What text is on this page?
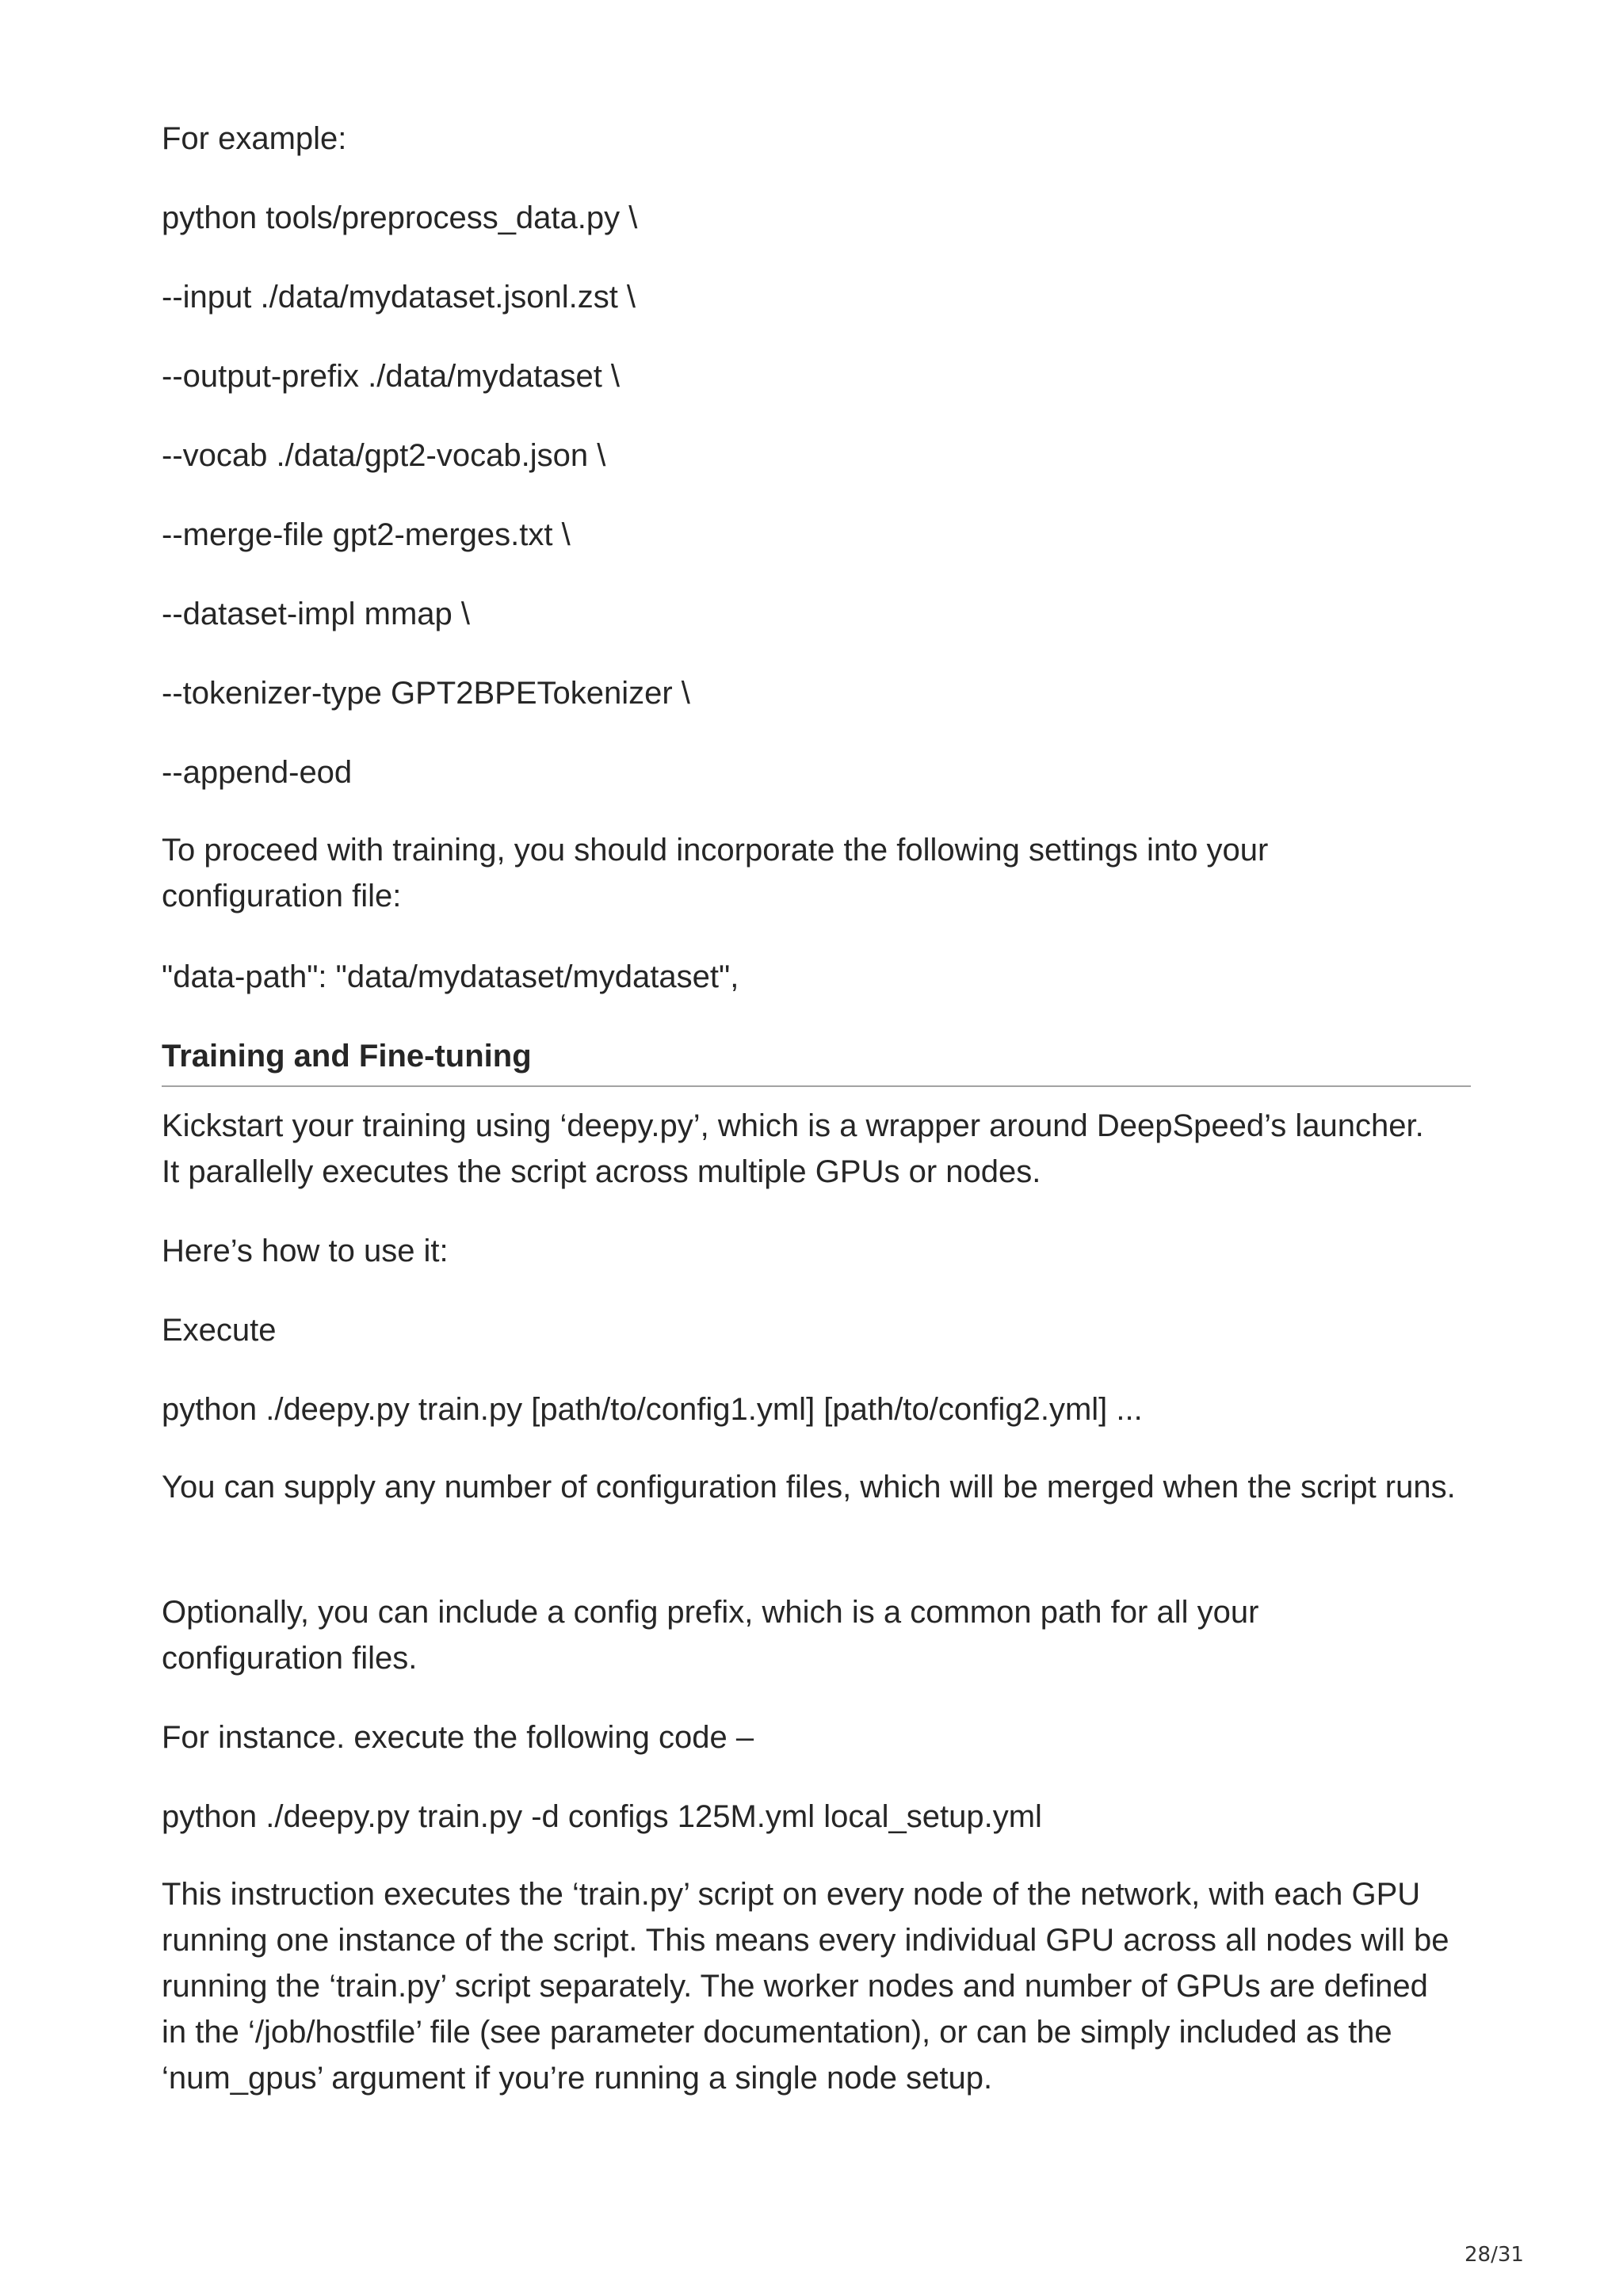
For example:
python tools/preprocess_data.py \
--input ./data/mydataset.jsonl.zst \
--output-prefix ./data/mydataset \
--vocab ./data/gpt2-vocab.json \
--merge-file gpt2-merges.txt \
--dataset-impl mmap \
--tokenizer-type GPT2BPETokenizer \
--append-eod
To proceed with training, you should incorporate the following settings into your configuration file:
"data-path": "data/mydataset/mydataset",
Training and Fine-tuning
Kickstart your training using ‘deepy.py’, which is a wrapper around DeepSpeed’s launcher. It parallelly executes the script across multiple GPUs or nodes.
Here’s how to use it:
Execute
python ./deepy.py train.py [path/to/config1.yml] [path/to/config2.yml] ...
You can supply any number of configuration files, which will be merged when the script runs.
Optionally, you can include a config prefix, which is a common path for all your configuration files.
For instance. execute the following code –
python ./deepy.py train.py -d configs 125M.yml local_setup.yml
This instruction executes the ‘train.py’ script on every node of the network, with each GPU running one instance of the script. This means every individual GPU across all nodes will be running the ‘train.py’ script separately. The worker nodes and number of GPUs are defined in the ‘/job/hostfile’ file (see parameter documentation), or can be simply included as the ‘num_gpus’ argument if you’re running a single node setup.
28/31
